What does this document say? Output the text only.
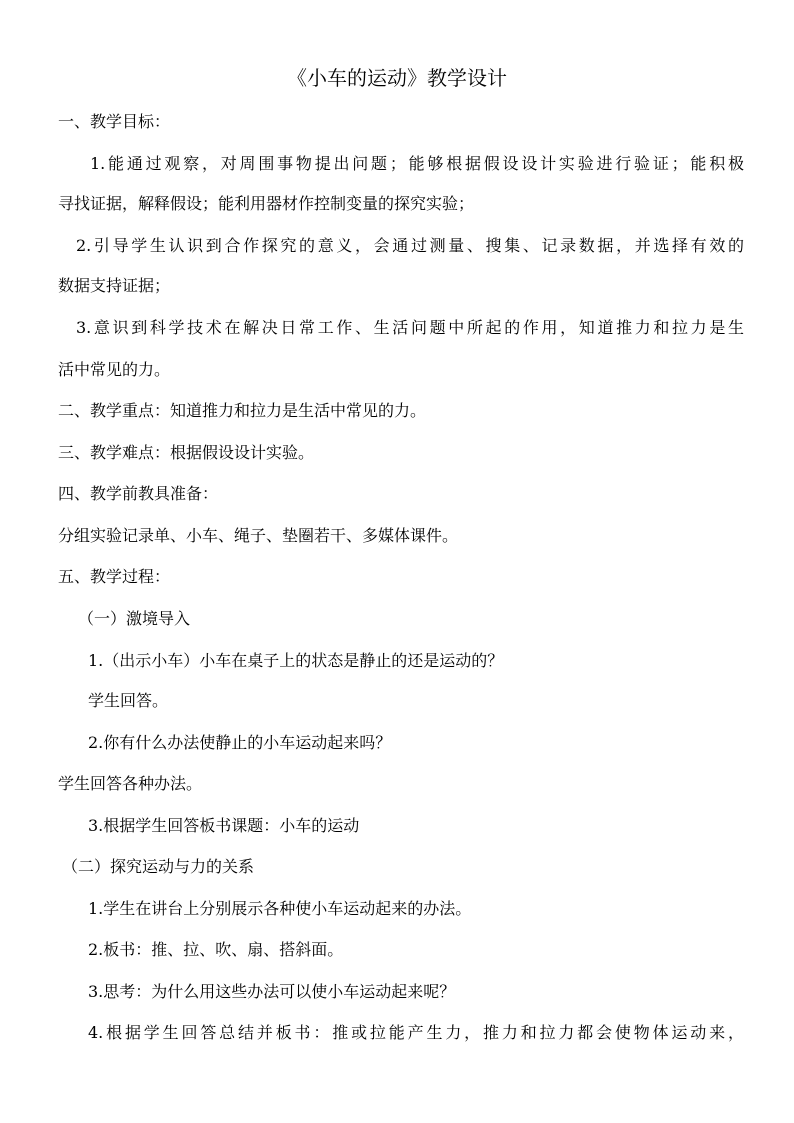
《小车的运动》教学设计
一、教学目标：
1.能通过观察，对周围事物提出问题；能够根据假设设计实验进行验证；能积极
寻找证据，解释假设；能利用器材作控制变量的探究实验；
2.引导学生认识到合作探究的意义，会通过测量、搜集、记录数据，并选择有效的
数据支持证据；
3.意识到科学技术在解决日常工作、生活问题中所起的作用，知道推力和拉力是生
活中常见的力。
二、教学重点：知道推力和拉力是生活中常见的力。
三、教学难点：根据假设设计实验。
四、教学前教具准备：
分组实验记录单、小车、绳子、垫圈若干、多媒体课件。
五、教学过程：
（一）激境导入
1.（出示小车）小车在桌子上的状态是静止的还是运动的？
学生回答。
2.你有什么办法使静止的小车运动起来吗？
学生回答各种办法。
3.根据学生回答板书课题：小车的运动
（二）探究运动与力的关系
1.学生在讲台上分别展示各种使小车运动起来的办法。
2.板书：推、拉、吹、扇、搭斜面。
3.思考：为什么用这些办法可以使小车运动起来呢？
4.根据学生回答总结并板书：推或拉能产生力，推力和拉力都会使物体运动来，
